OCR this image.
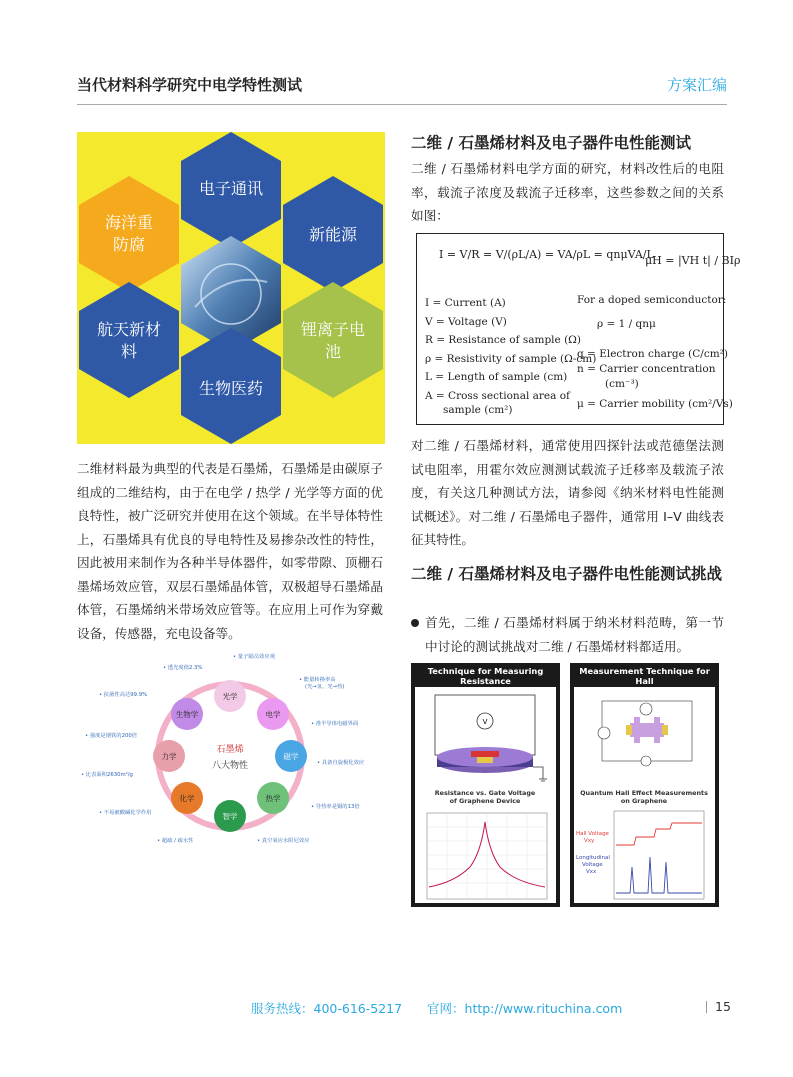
当代材料科学研究中电学特性测试	方案汇编
电子通讯
海洋重
防腐
新能源
航天新材
料
锂离子电
池
生物医药
二维材料最为典型的代表是石墨烯，石墨烯是由碳原子组成的二维结构，由于在电学 / 热学 / 光学等方面的优良特性，被广泛研究并使用在这个领域。在半导体特性上，石墨烯具有优良的导电特性及易掺杂改性的特性，因此被用来制作为各种半导体器件，如零带隙、顶栅石墨烯场效应管，双层石墨烯晶体管，双极超导石墨烯晶体管，石墨烯纳米带场效应管等。在应用上可作为穿戴设备，传感器，充电设备等。
光学
电学
磁学
热学
智学
化学
力学
生物学
石墨烯
八大物性
• 量子隔员效应观
• 透光度值2.3%
• 能量转换率高
(光→氢、光→热)
• 抗菌性高达99.9%
• 准半导体电磁界面
• 强度是钢铁的200倍
• 具备自旋极化效应
• 比表面积2630m²/g
• 导热率是铜的13倍
• 不易被酸碱化学作用
• 超疏 / 疏水性	• 真空氧应水阻尼效应
二维 / 石墨烯材料及电子器件电性能测试
二维 / 石墨烯材料电学方面的研究，材料改性后的电阻率，载流子浓度及载流子迁移率，这些参数之间的关系如图：
I = V/R = V/(ρL/A) = VA/ρL = qnμVA/L
μH = |VH t| / BIρ
I = Current (A)
V = Voltage (V)
R = Resistance of sample (Ω)
ρ = Resistivity of sample (Ω-cm)
L = Length of sample (cm)
A = Cross sectional area of
sample (cm²)
For a doped semiconductor:
ρ = 1 / qnμ
q = Electron charge (C/cm²)
n = Carrier concentration
(cm⁻³)
μ = Carrier mobility (cm²/Vs)
对二维 / 石墨烯材料，通常使用四探针法或范德堡法测试电阻率，用霍尔效应测测试载流子迁移率及载流子浓度，有关这几种测试方法，请参阅《纳米材料电性能测试概述》。对二维 / 石墨烯电子器件，通常用 I–V 曲线表征其特性。
二维 / 石墨烯材料及电子器件电性能测试挑战
首先，二维 / 石墨烯材料属于纳米材料范畴，第一节中讨论的测试挑战对二维 / 石墨烯材料都适用。
Technique for Measuring Resistance

V
Resistance vs. Gate Voltage
of Graphene Device
Measurement Technique for Hall

Quantum Hall Effect Measurements
on Graphene
Hall Voltage
Vxy
Longitudinal
Voltage
Vxx
服务热线：400-616-5217 官网：http://www.rituchina.com	15
